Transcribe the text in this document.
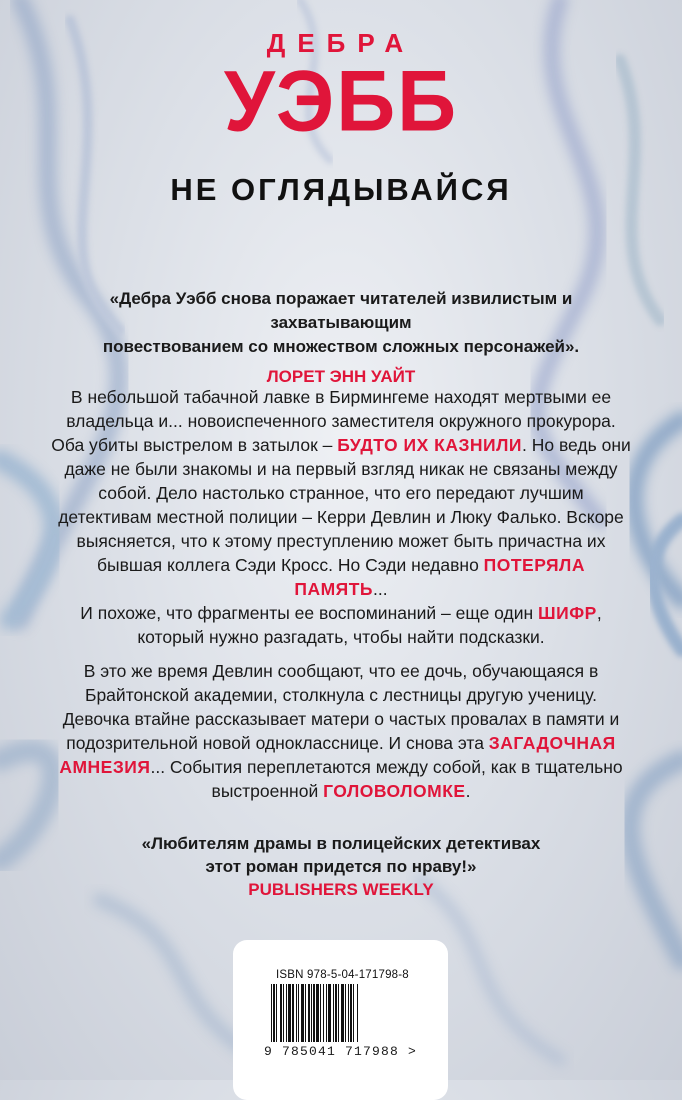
ДЕБРА
УЭББ
НЕ ОГЛЯДЫВАЙСЯ
«Дебра Уэбб снова поражает читателей извилистым и захватывающим
повествованием со множеством сложных персонажей».
ЛОРЕТ ЭНН УАЙТ
В небольшой табачной лавке в Бирмингеме находят мертвыми ее владельца и... новоиспеченного заместителя окружного прокурора. Оба убиты выстрелом в затылок – БУДТО ИХ КАЗНИЛИ. Но ведь они даже не были знакомы и на первый взгляд никак не связаны между собой. Дело настолько странное, что его передают лучшим детективам местной полиции – Керри Девлин и Люку Фалько. Вскоре выясняется, что к этому преступлению может быть причастна их бывшая коллега Сэди Кросс. Но Сэди недавно ПОТЕРЯЛА ПАМЯТЬ...
И похоже, что фрагменты ее воспоминаний – еще один ШИФР, который нужно разгадать, чтобы найти подсказки.
В это же время Девлин сообщают, что ее дочь, обучающаяся в Брайтонской академии, столкнула с лестницы другую ученицу. Девочка втайне рассказывает матери о частых провалах в памяти и подозрительной новой однокласснице. И снова эта ЗАГАДОЧНАЯ АМНЕЗИЯ... События переплетаются между собой, как в тщательно выстроенной ГОЛОВОЛОМКЕ.
«Любителям драмы в полицейских детективах
этот роман придется по нраву!»

PUBLISHERS WEEKLY
ISBN 978-5-04-171798-8
9 785041 717988 >
